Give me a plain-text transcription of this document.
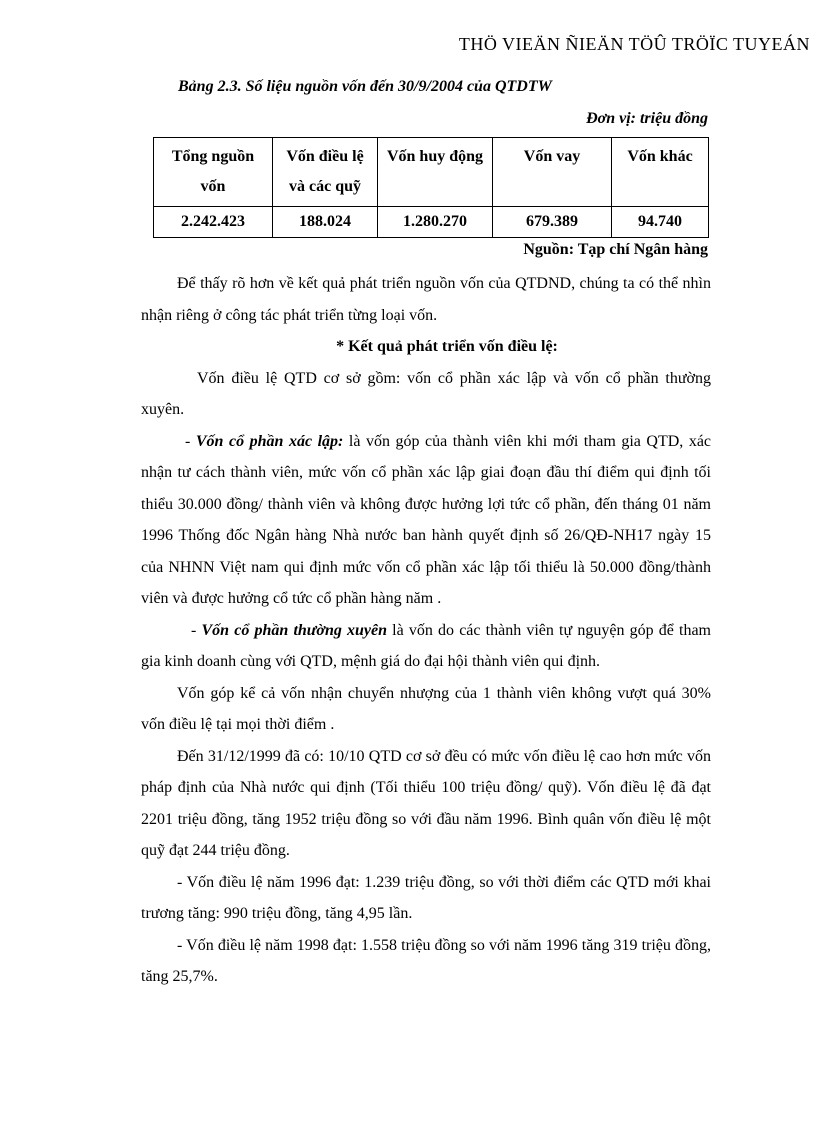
THÖ VIEÄN ÑIEÄN TÖÛ TRÖÏC TUYEÁN
Bảng 2.3. Số liệu nguồn vốn đến 30/9/2004 của QTDTW
Đơn vị: triệu đồng
Tổng nguồn vốn	Vốn điều lệ và các quỹ	Vốn huy động	Vốn vay	Vốn khác
2.242.423	188.024	1.280.270	679.389	94.740
Nguồn: Tạp chí Ngân hàng

Để thấy rõ hơn về kết quả phát triển nguồn vốn của QTDND, chúng ta có thể nhìn nhận riêng ở công tác phát triển từng loại vốn.

* Kết quả phát triển vốn điều lệ:

Vốn điều lệ QTD cơ sở gồm: vốn cổ phần xác lập và vốn cổ phần thường xuyên.

- Vốn cổ phần xác lập: là vốn góp của thành viên khi mới tham gia QTD, xác nhận tư cách thành viên, mức vốn cổ phần xác lập giai đoạn đầu thí điểm qui định tối thiểu 30.000 đồng/ thành viên và không được hưởng lợi tức cổ phần, đến tháng 01 năm 1996 Thống đốc Ngân hàng Nhà nước ban hành quyết định số 26/QĐ-NH17 ngày 15 của NHNN Việt nam qui định mức vốn cổ phần xác lập tối thiểu là 50.000 đồng/thành viên và được hưởng cổ tức cổ phần hàng năm .

- Vốn cổ phần thường xuyên là vốn do các thành viên tự nguyện góp để tham gia kinh doanh cùng với QTD, mệnh giá do đại hội thành viên qui định.

Vốn góp kể cả vốn nhận chuyển nhượng của 1 thành viên không vượt quá 30% vốn điều lệ tại mọi thời điểm .

Đến 31/12/1999 đã có: 10/10 QTD cơ sở đều có mức vốn điều lệ cao hơn mức vốn pháp định của Nhà nước qui định (Tối thiểu 100 triệu đồng/ quỹ). Vốn điều lệ đã đạt 2201 triệu đồng, tăng 1952 triệu đồng so với đầu năm 1996. Bình quân vốn điều lệ một quỹ đạt 244 triệu đồng.

- Vốn điều lệ năm 1996 đạt: 1.239 triệu đồng, so với thời điểm các QTD mới khai trương tăng: 990 triệu đồng, tăng 4,95 lần.

- Vốn điều lệ năm 1998 đạt: 1.558 triệu đồng so với năm 1996 tăng 319 triệu đồng, tăng 25,7%.
